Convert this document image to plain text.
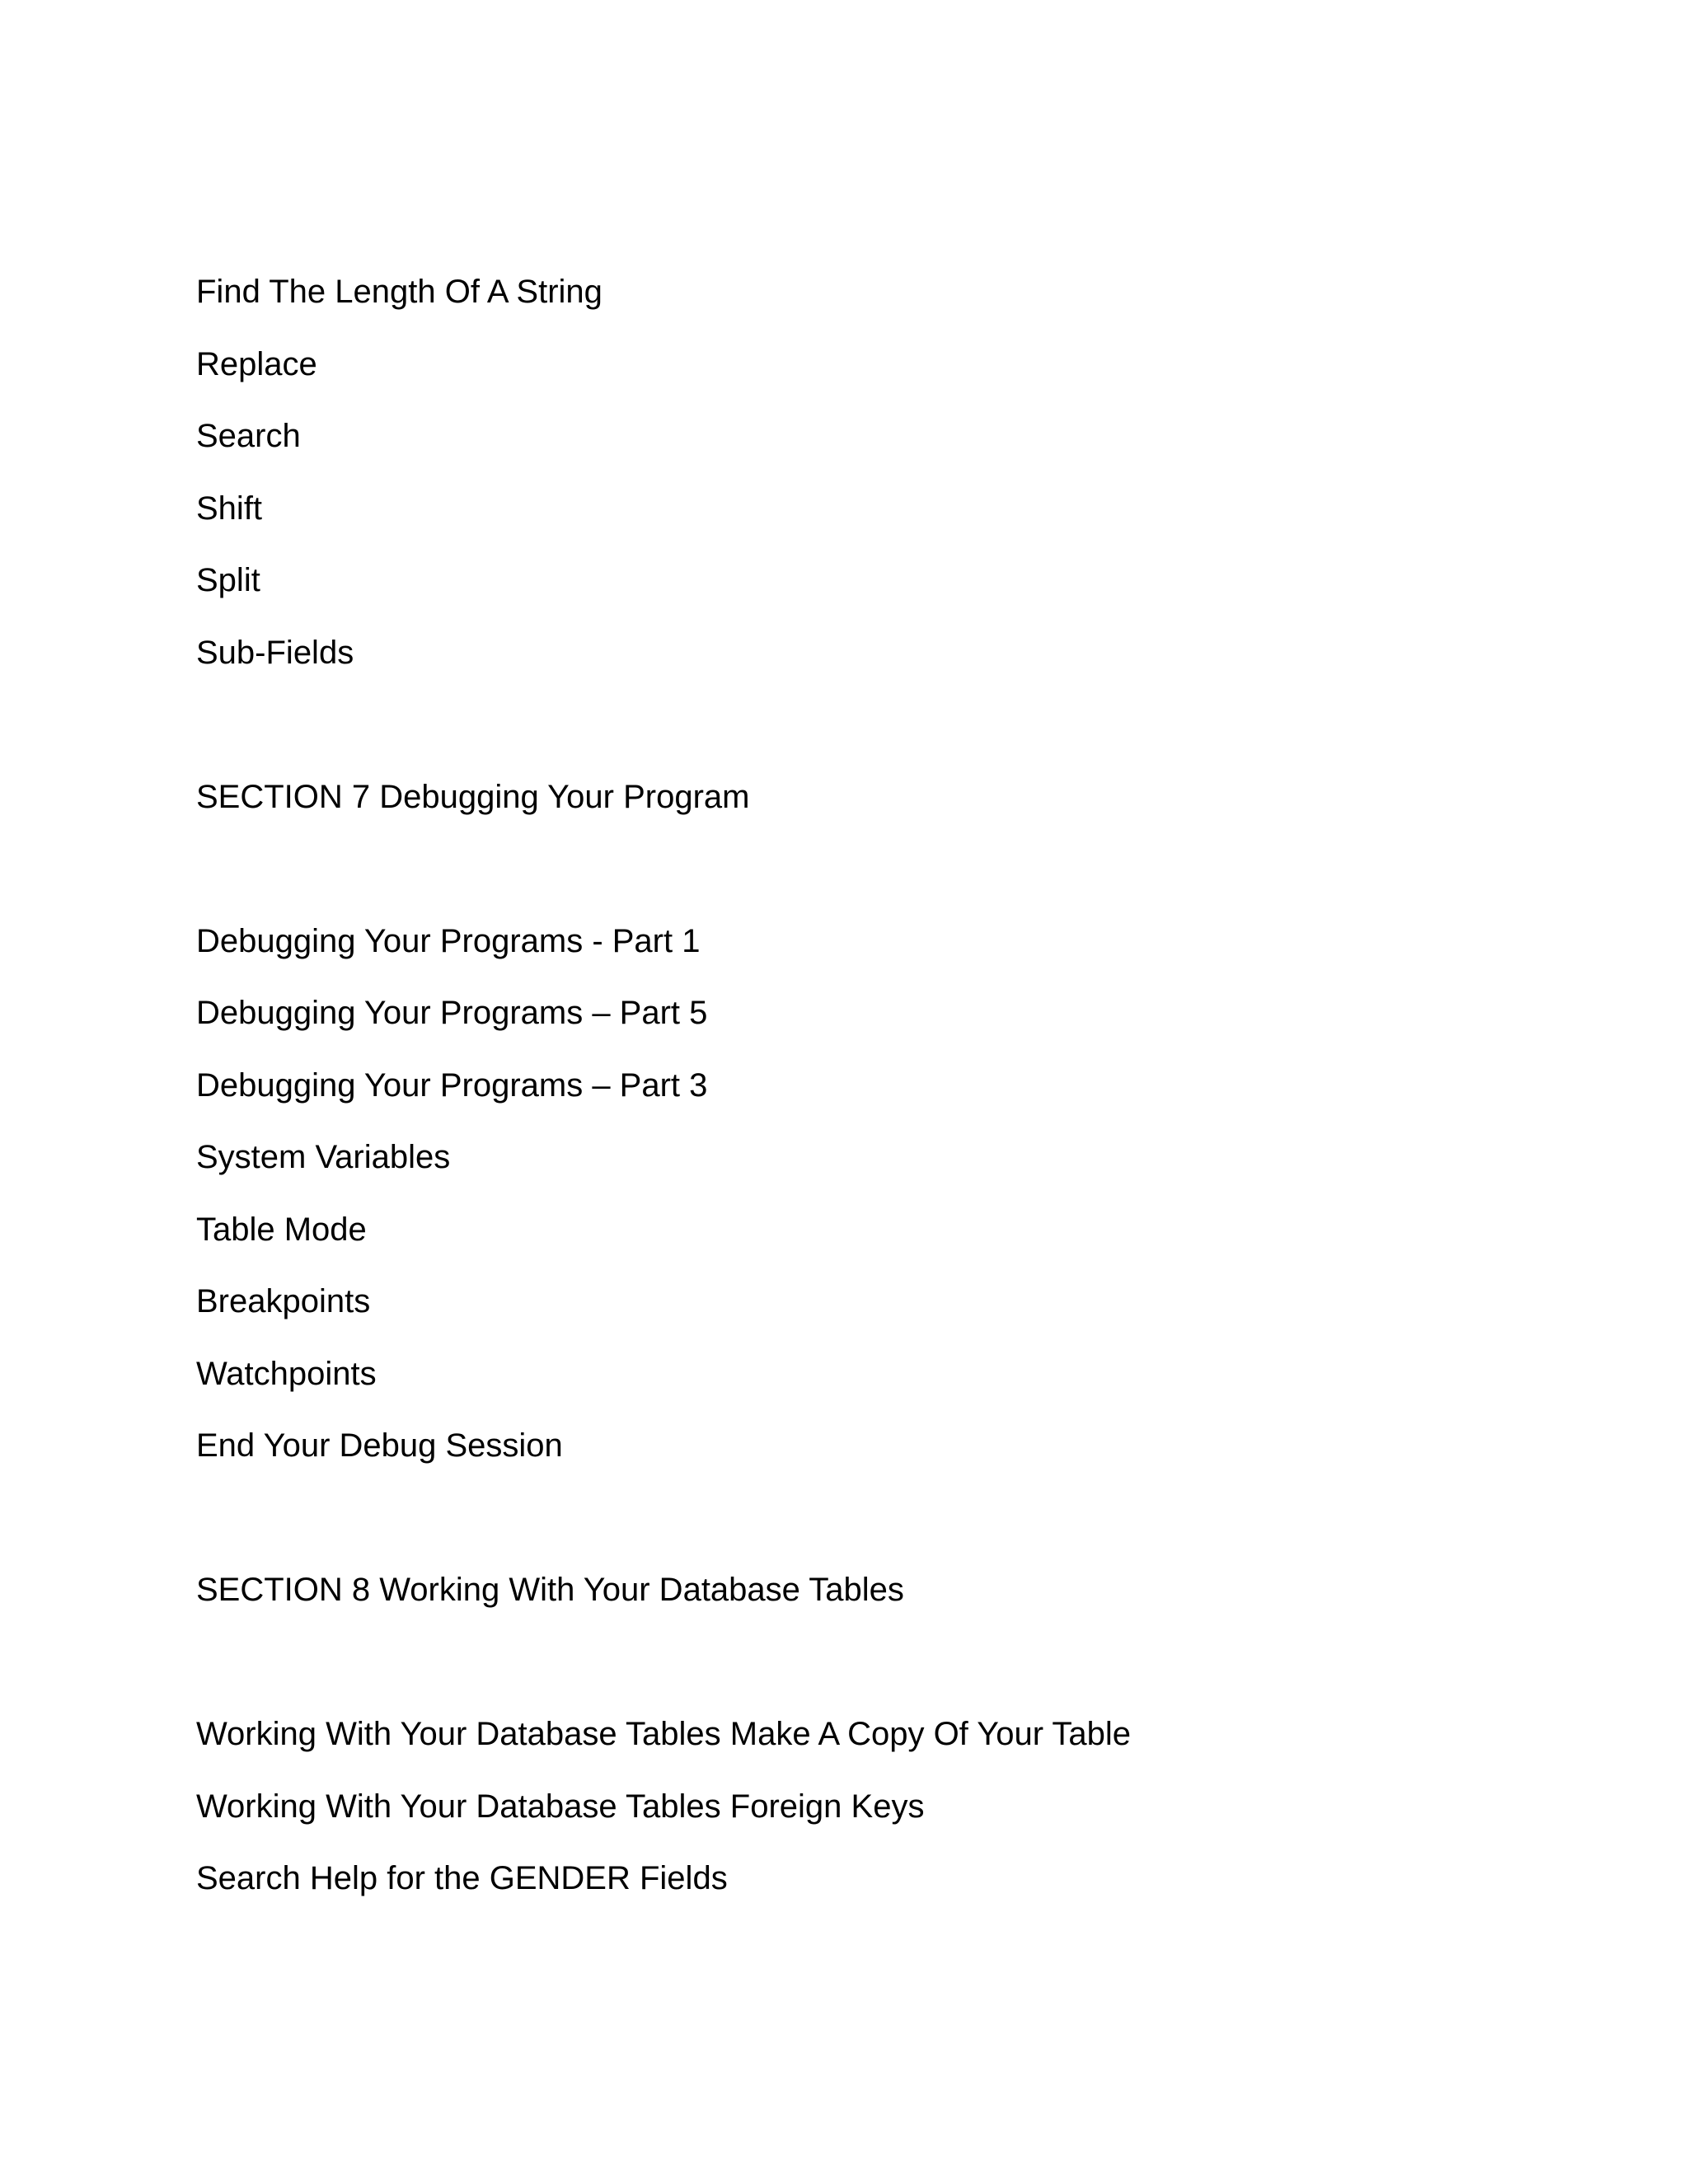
Find The Length Of A String

Replace

Search

Shift

Split

Sub-Fields

SECTION 7 Debugging Your Program

Debugging Your Programs - Part 1

Debugging Your Programs – Part 5

Debugging Your Programs – Part 3

System Variables

Table Mode

Breakpoints

Watchpoints

End Your Debug Session

SECTION 8 Working With Your Database Tables

Working With Your Database Tables Make A Copy Of Your Table

Working With Your Database Tables Foreign Keys

Search Help for the GENDER Fields
